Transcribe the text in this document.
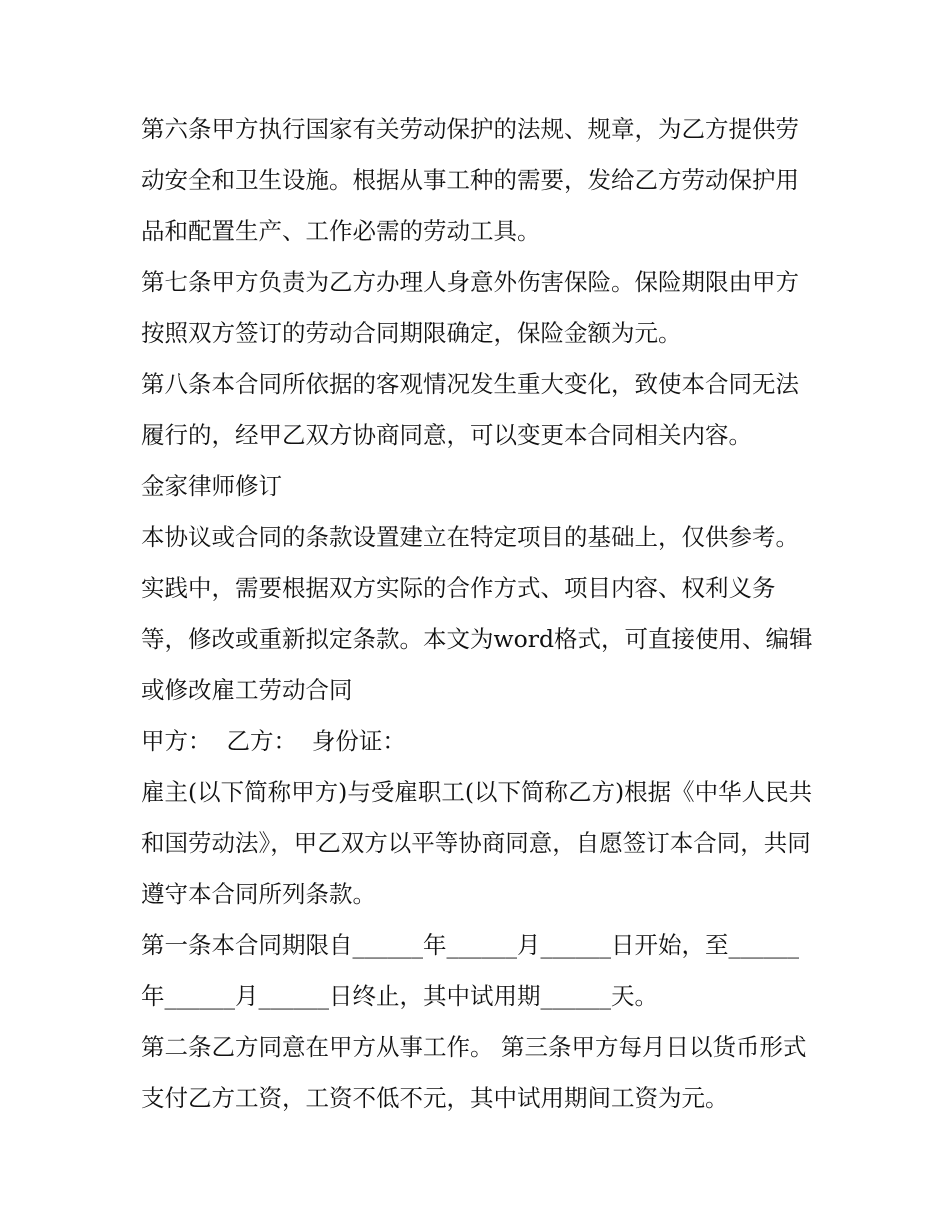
第六条甲方执行国家有关劳动保护的法规、规章，为乙方提供劳动安全和卫生设施。根据从事工种的需要，发给乙方劳动保护用品和配置生产、工作必需的劳动工具。

第七条甲方负责为乙方办理人身意外伤害保险。保险期限由甲方按照双方签订的劳动合同期限确定，保险金额为元。

第八条本合同所依据的客观情况发生重大变化，致使本合同无法履行的，经甲乙双方协商同意，可以变更本合同相关内容。

金家律师修订

本协议或合同的条款设置建立在特定项目的基础上，仅供参考。实践中，需要根据双方实际的合作方式、项目内容、权利义务等，修改或重新拟定条款。本文为word格式，可直接使用、编辑或修改雇工劳动合同

甲方：  乙方：  身份证：

雇主(以下简称甲方)与受雇职工(以下简称乙方)根据《中华人民共和国劳动法》，甲乙双方以平等协商同意，自愿签订本合同，共同遵守本合同所列条款。

第一条本合同期限自______年______月______日开始，至______年______月______日终止，其中试用期______天。

第二条乙方同意在甲方从事工作。 第三条甲方每月日以货币形式支付乙方工资，工资不低不元，其中试用期间工资为元。
